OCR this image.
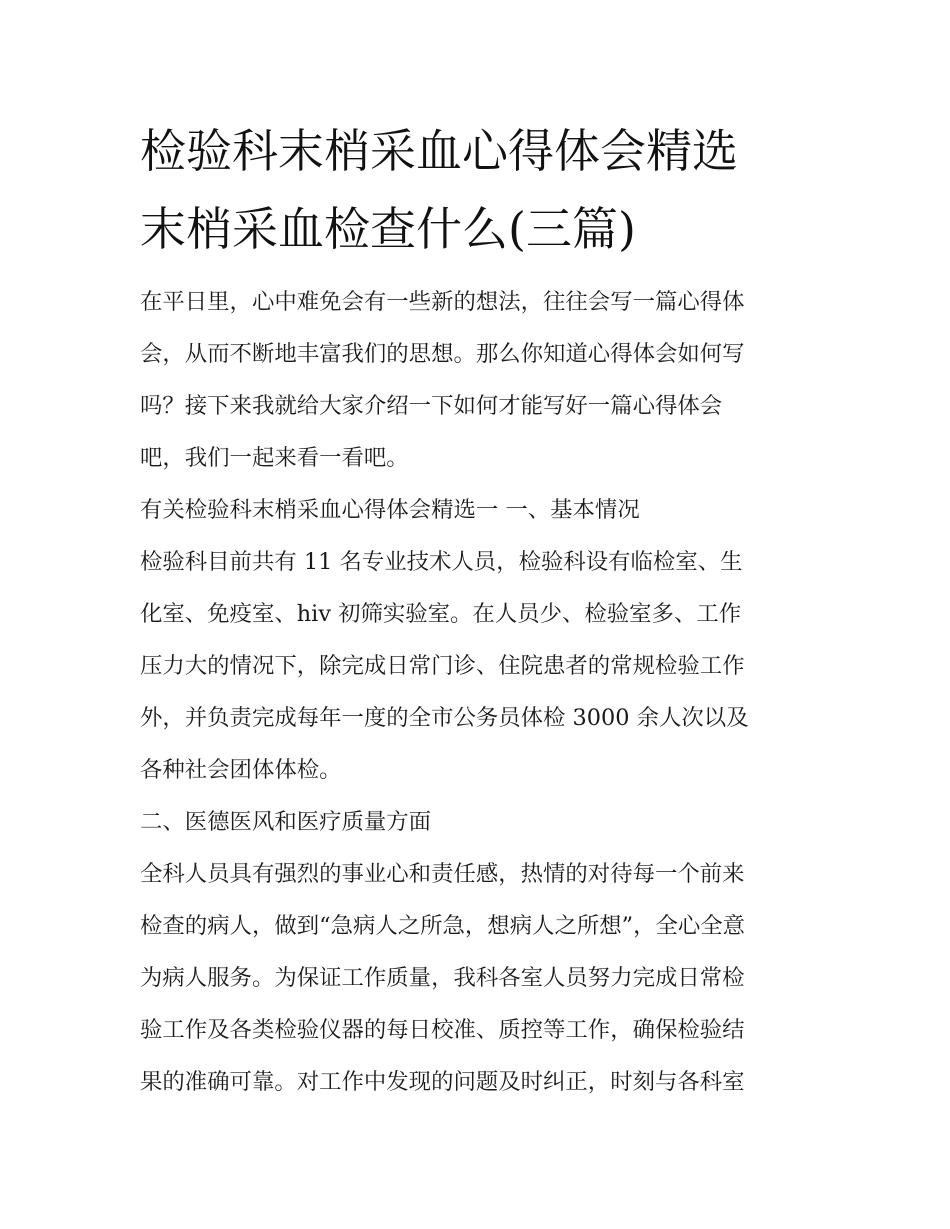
检验科末梢采血心得体会精选
末梢采血检查什么(三篇)
在平日里，心中难免会有一些新的想法，往往会写一篇心得体
会，从而不断地丰富我们的思想。那么你知道心得体会如何写
吗？接下来我就给大家介绍一下如何才能写好一篇心得体会
吧，我们一起来看一看吧。
有关检验科末梢采血心得体会精选一 一、基本情况
检验科目前共有 11 名专业技术人员，检验科设有临检室、生
化室、免疫室、hiv 初筛实验室。在人员少、检验室多、工作
压力大的情况下，除完成日常门诊、住院患者的常规检验工作
外，并负责完成每年一度的全市公务员体检 3000 余人次以及
各种社会团体体检。
二、医德医风和医疗质量方面
全科人员具有强烈的事业心和责任感，热情的对待每一个前来
检查的病人，做到“急病人之所急，想病人之所想”，全心全意
为病人服务。为保证工作质量，我科各室人员努力完成日常检
验工作及各类检验仪器的每日校准、质控等工作，确保检验结
果的准确可靠。对工作中发现的问题及时纠正，时刻与各科室
